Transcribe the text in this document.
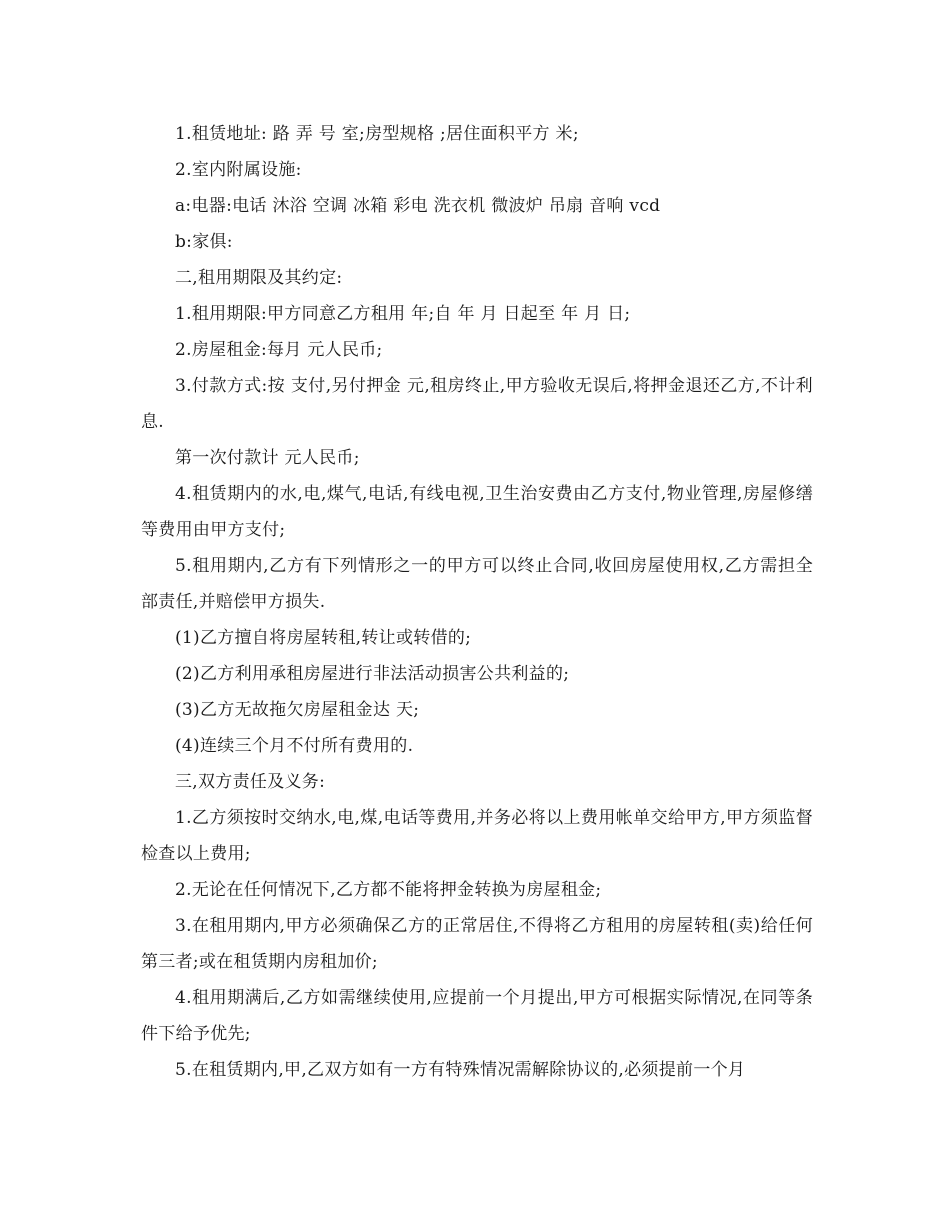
1.租赁地址: 路 弄 号 室;房型规格 ;居住面积平方 米;

2.室内附属设施:

a:电器:电话 沐浴 空调 冰箱 彩电 洗衣机 微波炉 吊扇 音响 vcd

b:家俱:

二,租用期限及其约定:

1.租用期限:甲方同意乙方租用 年;自 年 月 日起至 年 月 日;

2.房屋租金:每月 元人民币;

3.付款方式:按 支付,另付押金 元,租房终止,甲方验收无误后,将押金退还乙方,不计利息.

第一次付款计 元人民币;

4.租赁期内的水,电,煤气,电话,有线电视,卫生治安费由乙方支付,物业管理,房屋修缮等费用由甲方支付;

5.租用期内,乙方有下列情形之一的甲方可以终止合同,收回房屋使用权,乙方需担全部责任,并赔偿甲方损失.

(1)乙方擅自将房屋转租,转让或转借的;

(2)乙方利用承租房屋进行非法活动损害公共利益的;

(3)乙方无故拖欠房屋租金达 天;

(4)连续三个月不付所有费用的.

三,双方责任及义务:

1.乙方须按时交纳水,电,煤,电话等费用,并务必将以上费用帐单交给甲方,甲方须监督检查以上费用;

2.无论在任何情况下,乙方都不能将押金转换为房屋租金;

3.在租用期内,甲方必须确保乙方的正常居住,不得将乙方租用的房屋转租(卖)给任何第三者;或在租赁期内房租加价;

4.租用期满后,乙方如需继续使用,应提前一个月提出,甲方可根据实际情况,在同等条件下给予优先;

5.在租赁期内,甲,乙双方如有一方有特殊情况需解除协议的,必须提前一个月
